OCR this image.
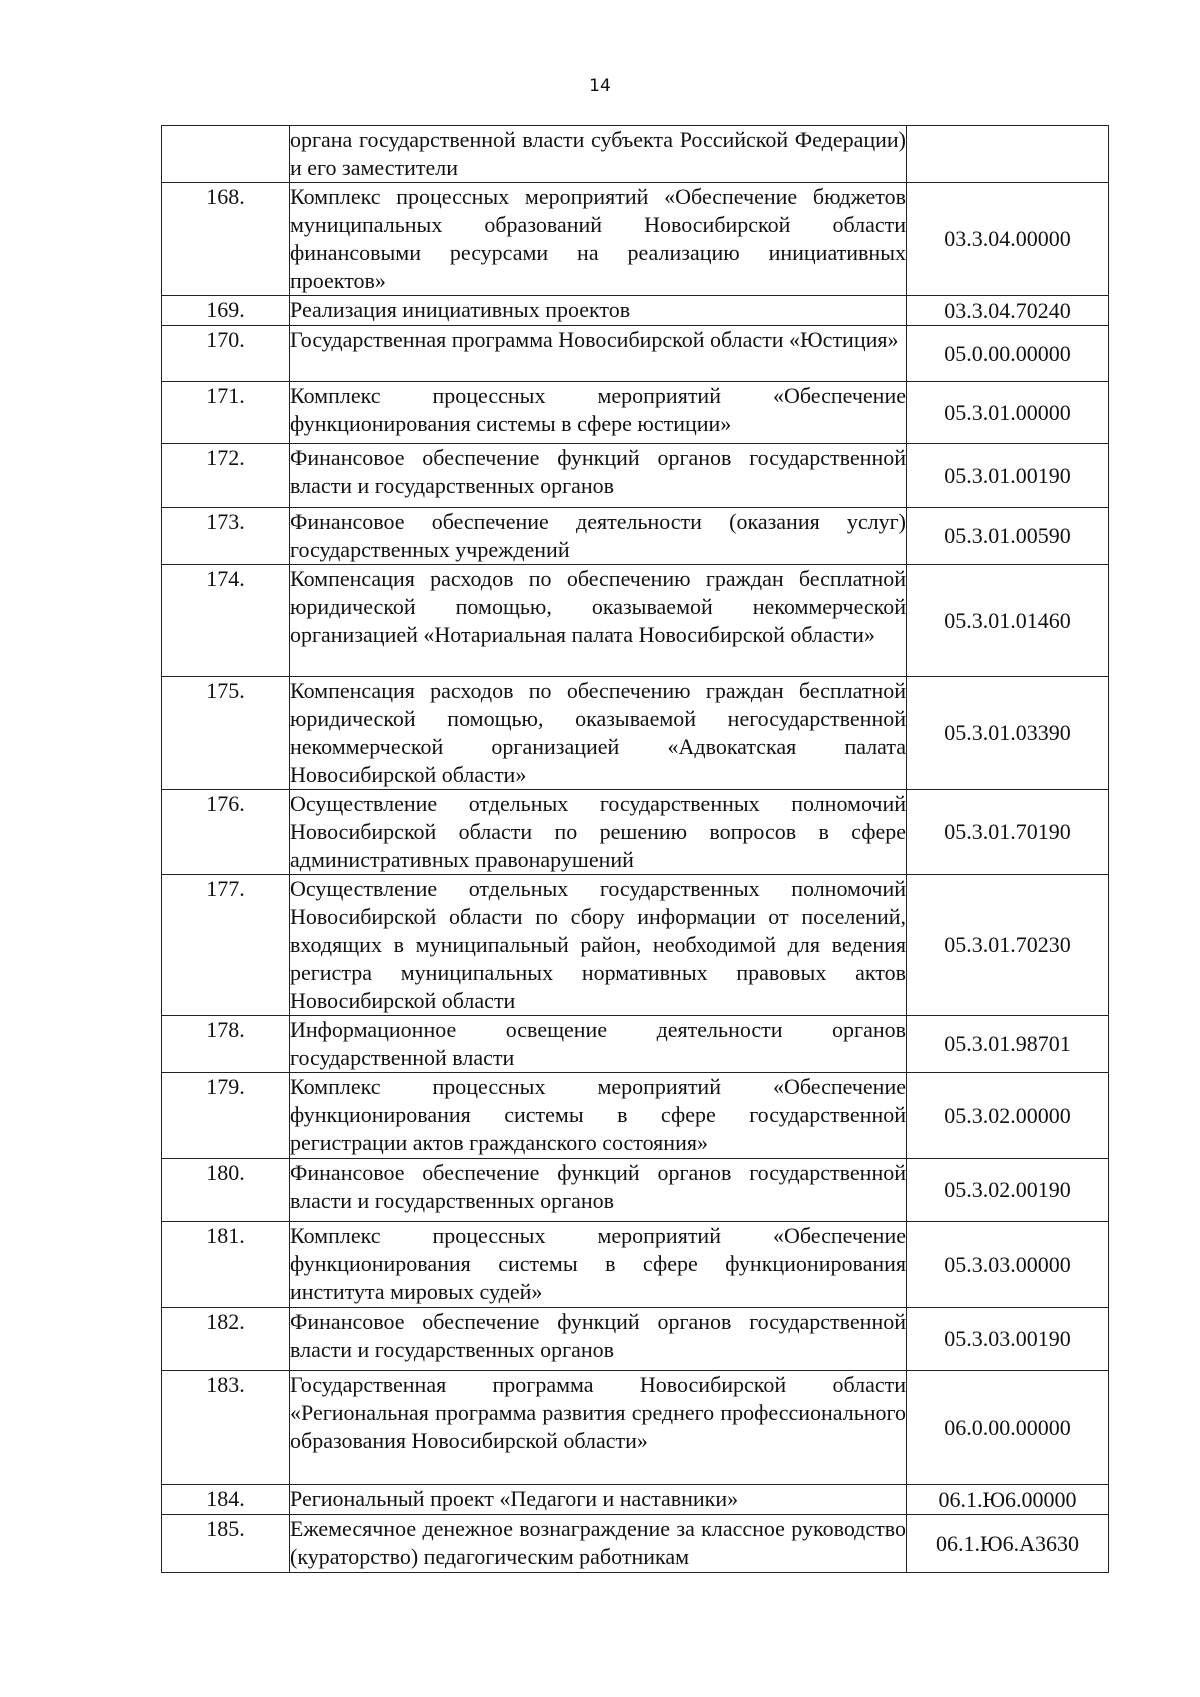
14
	органа государственной власти субъекта Российской Федерации) и его заместители	
168.	Комплекс процессных мероприятий «Обеспечение бюджетов муниципальных образований Новосибирской области финансовыми ресурсами на реализацию инициативных проектов»	03.3.04.00000
169.	Реализация инициативных проектов	03.3.04.70240
170.	Государственная программа Новосибирской области «Юстиция»	05.0.00.00000
171.	Комплекс процессных мероприятий «Обеспечение функционирования системы в сфере юстиции»	05.3.01.00000
172.	Финансовое обеспечение функций органов государственной власти и государственных органов	05.3.01.00190
173.	Финансовое обеспечение деятельности (оказания услуг) государственных учреждений	05.3.01.00590
174.	Компенсация расходов по обеспечению граждан бесплатной юридической помощью, оказываемой некоммерческой организацией «Нотариальная палата Новосибирской области»	05.3.01.01460
175.	Компенсация расходов по обеспечению граждан бесплатной юридической помощью, оказываемой негосударственной некоммерческой организацией «Адвокатская палата Новосибирской области»	05.3.01.03390
176.	Осуществление отдельных государственных полномочий Новосибирской области по решению вопросов в сфере административных правонарушений	05.3.01.70190
177.	Осуществление отдельных государственных полномочий Новосибирской области по сбору информации от поселений, входящих в муниципальный район, необходимой для ведения регистра муниципальных нормативных правовых актов Новосибирской области	05.3.01.70230
178.	Информационное освещение деятельности органов государственной власти	05.3.01.98701
179.	Комплекс процессных мероприятий «Обеспечение функционирования системы в сфере государственной регистрации актов гражданского состояния»	05.3.02.00000
180.	Финансовое обеспечение функций органов государственной власти и государственных органов	05.3.02.00190
181.	Комплекс процессных мероприятий «Обеспечение функционирования системы в сфере функционирования института мировых судей»	05.3.03.00000
182.	Финансовое обеспечение функций органов государственной власти и государственных органов	05.3.03.00190
183.	Государственная программа Новосибирской области «Региональная программа развития среднего профессионального образования Новосибирской области»	06.0.00.00000
184.	Региональный проект «Педагоги и наставники»	06.1.Ю6.00000
185.	Ежемесячное денежное вознаграждение за классное руководство (кураторство) педагогическим работникам	06.1.Ю6.А3630
